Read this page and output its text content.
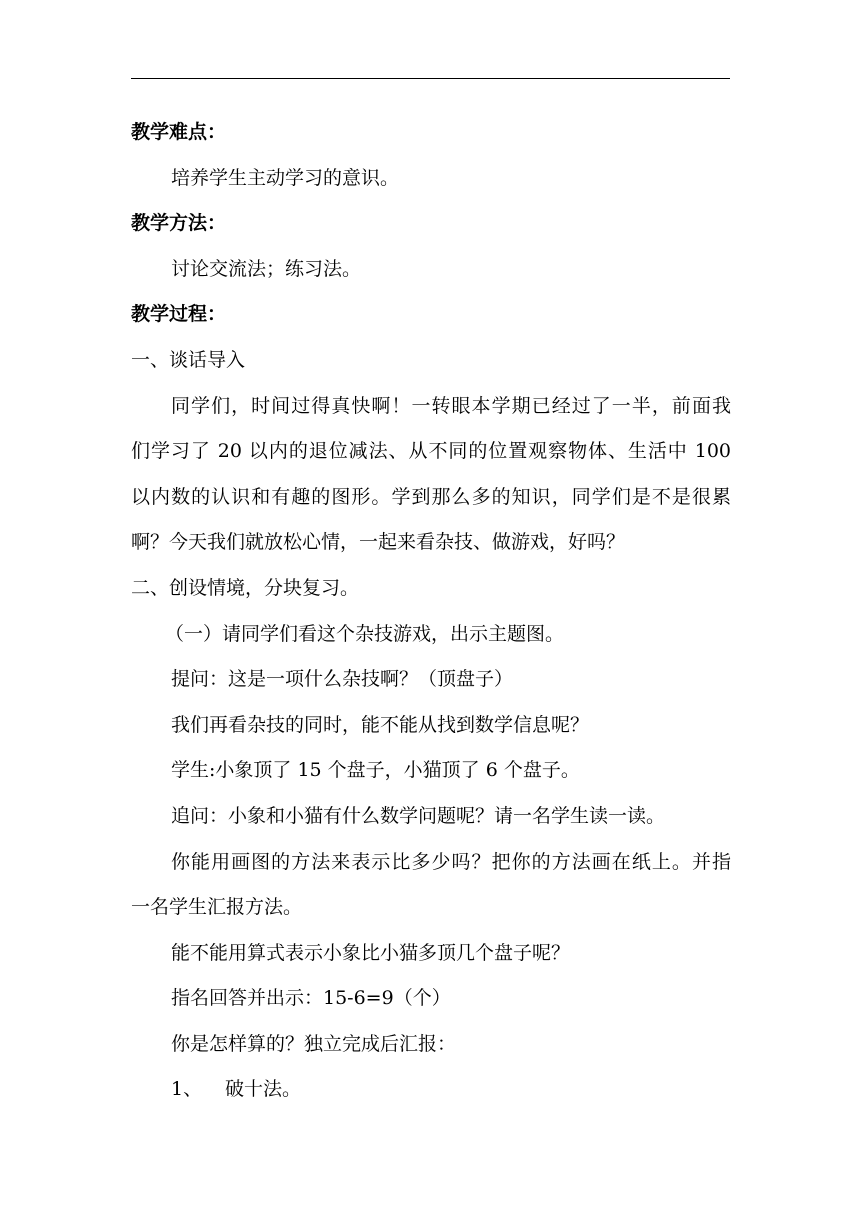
教学难点：
培养学生主动学习的意识。
教学方法：
讨论交流法；练习法。
教学过程：
一、谈话导入
同学们，时间过得真快啊！一转眼本学期已经过了一半，前面我
们学习了 20 以内的退位减法、从不同的位置观察物体、生活中 100
以内数的认识和有趣的图形。学到那么多的知识，同学们是不是很累
啊？今天我们就放松心情，一起来看杂技、做游戏，好吗？
二、创设情境，分块复习。
（一）请同学们看这个杂技游戏，出示主题图。
提问：这是一项什么杂技啊？（顶盘子）
我们再看杂技的同时，能不能从找到数学信息呢？
学生:小象顶了 15 个盘子，小猫顶了 6 个盘子。
追问：小象和小猫有什么数学问题呢？请一名学生读一读。
你能用画图的方法来表示比多少吗？把你的方法画在纸上。并指
一名学生汇报方法。
能不能用算式表示小象比小猫多顶几个盘子呢？
指名回答并出示：15-6=9（个）
你是怎样算的？独立完成后汇报：
1、 破十法。
